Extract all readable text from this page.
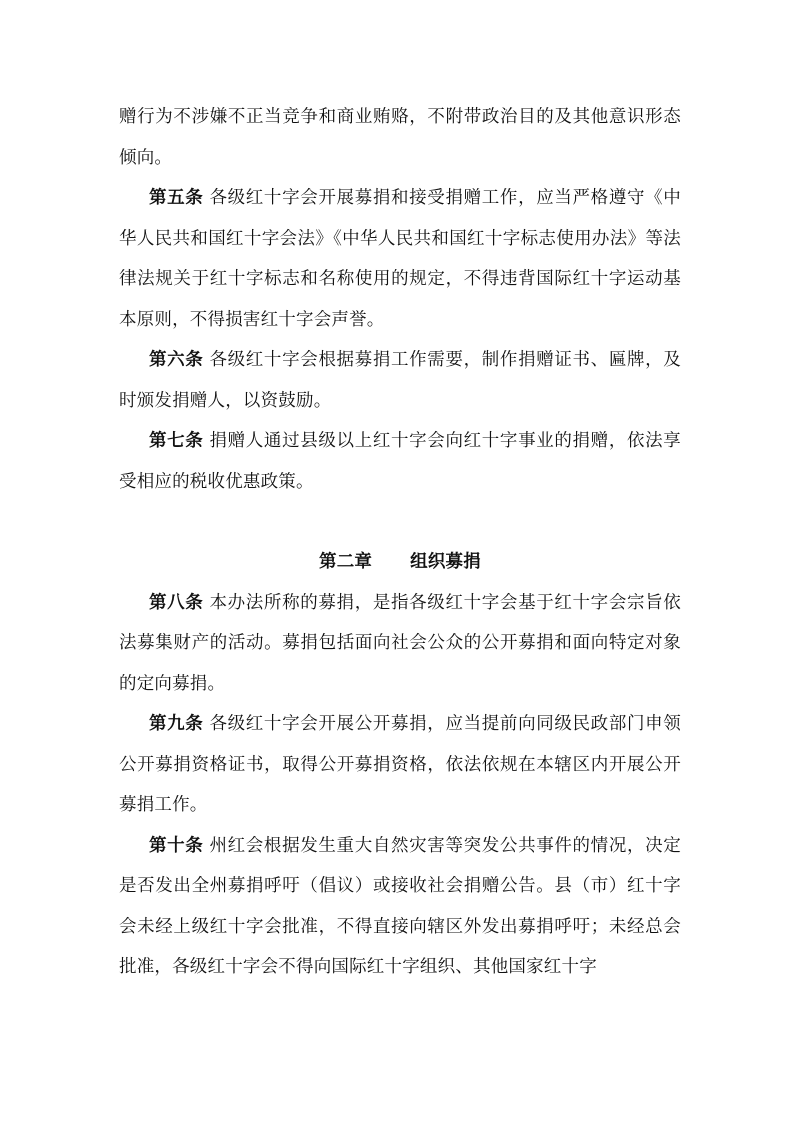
赠行为不涉嫌不正当竞争和商业贿赂，不附带政治目的及其他意识形态倾向。

第五条 各级红十字会开展募捐和接受捐赠工作，应当严格遵守《中华人民共和国红十字会法》《中华人民共和国红十字标志使用办法》等法律法规关于红十字标志和名称使用的规定，不得违背国际红十字运动基本原则，不得损害红十字会声誉。

第六条 各级红十字会根据募捐工作需要，制作捐赠证书、匾牌，及时颁发捐赠人，以资鼓励。

第七条 捐赠人通过县级以上红十字会向红十字事业的捐赠，依法享受相应的税收优惠政策。

第二章 组织募捐

第八条 本办法所称的募捐，是指各级红十字会基于红十字会宗旨依法募集财产的活动。募捐包括面向社会公众的公开募捐和面向特定对象的定向募捐。

第九条 各级红十字会开展公开募捐，应当提前向同级民政部门申领公开募捐资格证书，取得公开募捐资格，依法依规在本辖区内开展公开募捐工作。

第十条 州红会根据发生重大自然灾害等突发公共事件的情况，决定是否发出全州募捐呼吁（倡议）或接收社会捐赠公告。县（市）红十字会未经上级红十字会批准，不得直接向辖区外发出募捐呼吁；未经总会批准，各级红十字会不得向国际红十字组织、其他国家红十字
